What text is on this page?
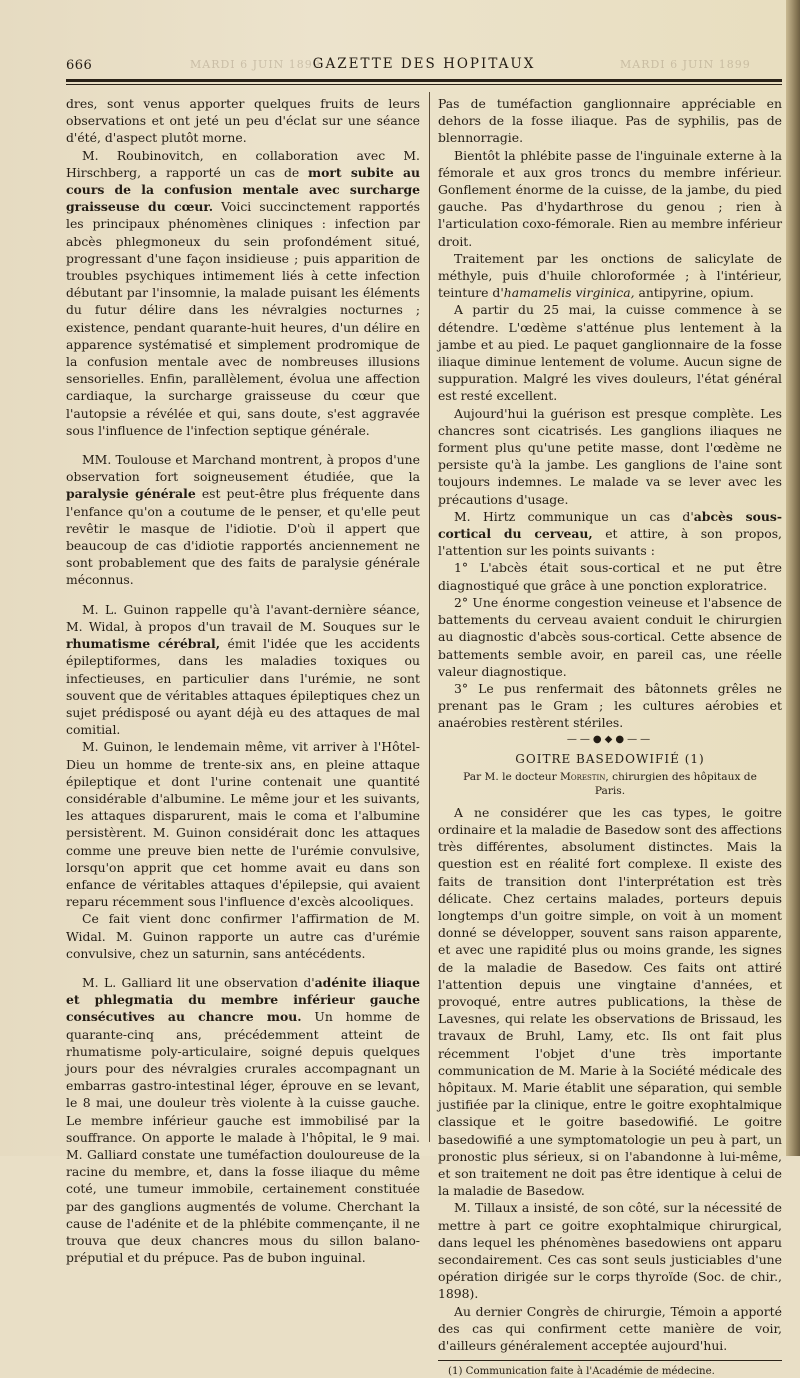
MARDI 6 JUIN 1899	MARDI 6 JUIN 1899
666	GAZETTE DES HOPITAUX

dres, sont venus apporter quelques fruits de leurs observations et ont jeté un peu d'éclat sur une séance d'été, d'aspect plutôt morne.

M. Roubinovitch, en collaboration avec M. Hirschberg, a rapporté un cas de mort subite au cours de la confusion mentale avec surcharge graisseuse du cœur. Voici succinctement rapportés les principaux phénomènes cliniques : infection par abcès phlegmoneux du sein profondément situé, progressant d'une façon insidieuse ; puis apparition de troubles psychiques intimement liés à cette infection débutant par l'insomnie, la malade puisant les éléments du futur délire dans les névralgies nocturnes ; existence, pendant quarante-huit heures, d'un délire en apparence systématisé et simplement prodromique de la confusion mentale avec de nombreuses illusions sensorielles. Enfin, parallèlement, évolua une affection cardiaque, la surcharge graisseuse du cœur que l'autopsie a révélée et qui, sans doute, s'est aggravée sous l'influence de l'infection septique générale.

MM. Toulouse et Marchand montrent, à propos d'une observation fort soigneusement étudiée, que la paralysie générale est peut-être plus fréquente dans l'enfance qu'on a coutume de le penser, et qu'elle peut revêtir le masque de l'idiotie. D'où il appert que beaucoup de cas d'idiotie rapportés anciennement ne sont probablement que des faits de paralysie générale méconnus.

M. L. Guinon rappelle qu'à l'avant-dernière séance, M. Widal, à propos d'un travail de M. Souques sur le rhumatisme cérébral, émit l'idée que les accidents épileptiformes, dans les maladies toxiques ou infectieuses, en particulier dans l'urémie, ne sont souvent que de véritables attaques épileptiques chez un sujet prédisposé ou ayant déjà eu des attaques de mal comitial.

M. Guinon, le lendemain même, vit arriver à l'Hôtel-Dieu un homme de trente-six ans, en pleine attaque épileptique et dont l'urine contenait une quantité considérable d'albumine. Le même jour et les suivants, les attaques disparurent, mais le coma et l'albumine persistèrent. M. Guinon considérait donc les attaques comme une preuve bien nette de l'urémie convulsive, lorsqu'on apprit que cet homme avait eu dans son enfance de véritables attaques d'épilepsie, qui avaient reparu récemment sous l'influence d'excès alcooliques.

Ce fait vient donc confirmer l'affirmation de M. Widal. M. Guinon rapporte un autre cas d'urémie convulsive, chez un saturnin, sans antécédents.

M. L. Galliard lit une observation d'adénite iliaque et phlegmatia du membre inférieur gauche consécutives au chancre mou. Un homme de quarante-cinq ans, précédemment atteint de rhumatisme poly-articulaire, soigné depuis quelques jours pour des névralgies crurales accompagnant un embarras gastro-intestinal léger, éprouve en se levant, le 8 mai, une douleur très violente à la cuisse gauche. Le membre inférieur gauche est immobilisé par la souffrance. On apporte le malade à l'hôpital, le 9 mai. M. Galliard constate une tuméfaction douloureuse de la racine du membre, et, dans la fosse iliaque du même coté, une tumeur immobile, certainement constituée par des ganglions augmentés de volume. Cherchant la cause de l'adénite et de la phlébite commençante, il ne trouva que deux chancres mous du sillon balano-préputial et du prépuce. Pas de bubon inguinal.

Pas de tuméfaction ganglionnaire appréciable en dehors de la fosse iliaque. Pas de syphilis, pas de blennorragie.

Bientôt la phlébite passe de l'inguinale externe à la fémorale et aux gros troncs du membre inférieur. Gonflement énorme de la cuisse, de la jambe, du pied gauche. Pas d'hydarthrose du genou ; rien à l'articulation coxo-fémorale. Rien au membre inférieur droit.

Traitement par les onctions de salicylate de méthyle, puis d'huile chloroformée ; à l'intérieur, teinture d'hamamelis virginica, antipyrine, opium.

A partir du 25 mai, la cuisse commence à se détendre. L'œdème s'atténue plus lentement à la jambe et au pied. Le paquet ganglionnaire de la fosse iliaque diminue lentement de volume. Aucun signe de suppuration. Malgré les vives douleurs, l'état général est resté excellent.

Aujourd'hui la guérison est presque complète. Les chancres sont cicatrisés. Les ganglions iliaques ne forment plus qu'une petite masse, dont l'œdème ne persiste qu'à la jambe. Les ganglions de l'aine sont toujours indemnes. Le malade va se lever avec les précautions d'usage.

M. Hirtz communique un cas d'abcès sous-cortical du cerveau, et attire, à son propos, l'attention sur les points suivants :

1° L'abcès était sous-cortical et ne put être diagnostiqué que grâce à une ponction exploratrice.

2° Une énorme congestion veineuse et l'absence de battements du cerveau avaient conduit le chirurgien au diagnostic d'abcès sous-cortical. Cette absence de battements semble avoir, en pareil cas, une réelle valeur diagnostique.

3° Le pus renfermait des bâtonnets grêles ne prenant pas le Gram ; les cultures aérobies et anaérobies restèrent stériles.

——●◆●——
GOITRE BASEDOWIFIÉ (1)
Par M. le docteur Morestin, chirurgien des hôpitaux de Paris.

A ne considérer que les cas types, le goitre ordinaire et la maladie de Basedow sont des affections très différentes, absolument distinctes. Mais la question est en réalité fort complexe. Il existe des faits de transition dont l'interprétation est très délicate. Chez certains malades, porteurs depuis longtemps d'un goitre simple, on voit à un moment donné se développer, souvent sans raison apparente, et avec une rapidité plus ou moins grande, les signes de la maladie de Basedow. Ces faits ont attiré l'attention depuis une vingtaine d'années, et provoqué, entre autres publications, la thèse de Lavesnes, qui relate les observations de Brissaud, les travaux de Bruhl, Lamy, etc. Ils ont fait plus récemment l'objet d'une très importante communication de M. Marie à la Société médicale des hôpitaux. M. Marie établit une séparation, qui semble justifiée par la clinique, entre le goitre exophtalmique classique et le goitre basedowifié. Le goitre basedowifié a une symptomatologie un peu à part, un pronostic plus sérieux, si on l'abandonne à lui-même, et son traitement ne doit pas être identique à celui de la maladie de Basedow.

M. Tillaux a insisté, de son côté, sur la nécessité de mettre à part ce goitre exophtalmique chirurgical, dans lequel les phénomènes basedowiens ont apparu secondairement. Ces cas sont seuls justiciables d'une opération dirigée sur le corps thyroïde (Soc. de chir., 1898).

Au dernier Congrès de chirurgie, Témoin a apporté des cas qui confirment cette manière de voir, d'ailleurs généralement acceptée aujourd'hui.

(1) Communication faite à l'Académie de médecine.
